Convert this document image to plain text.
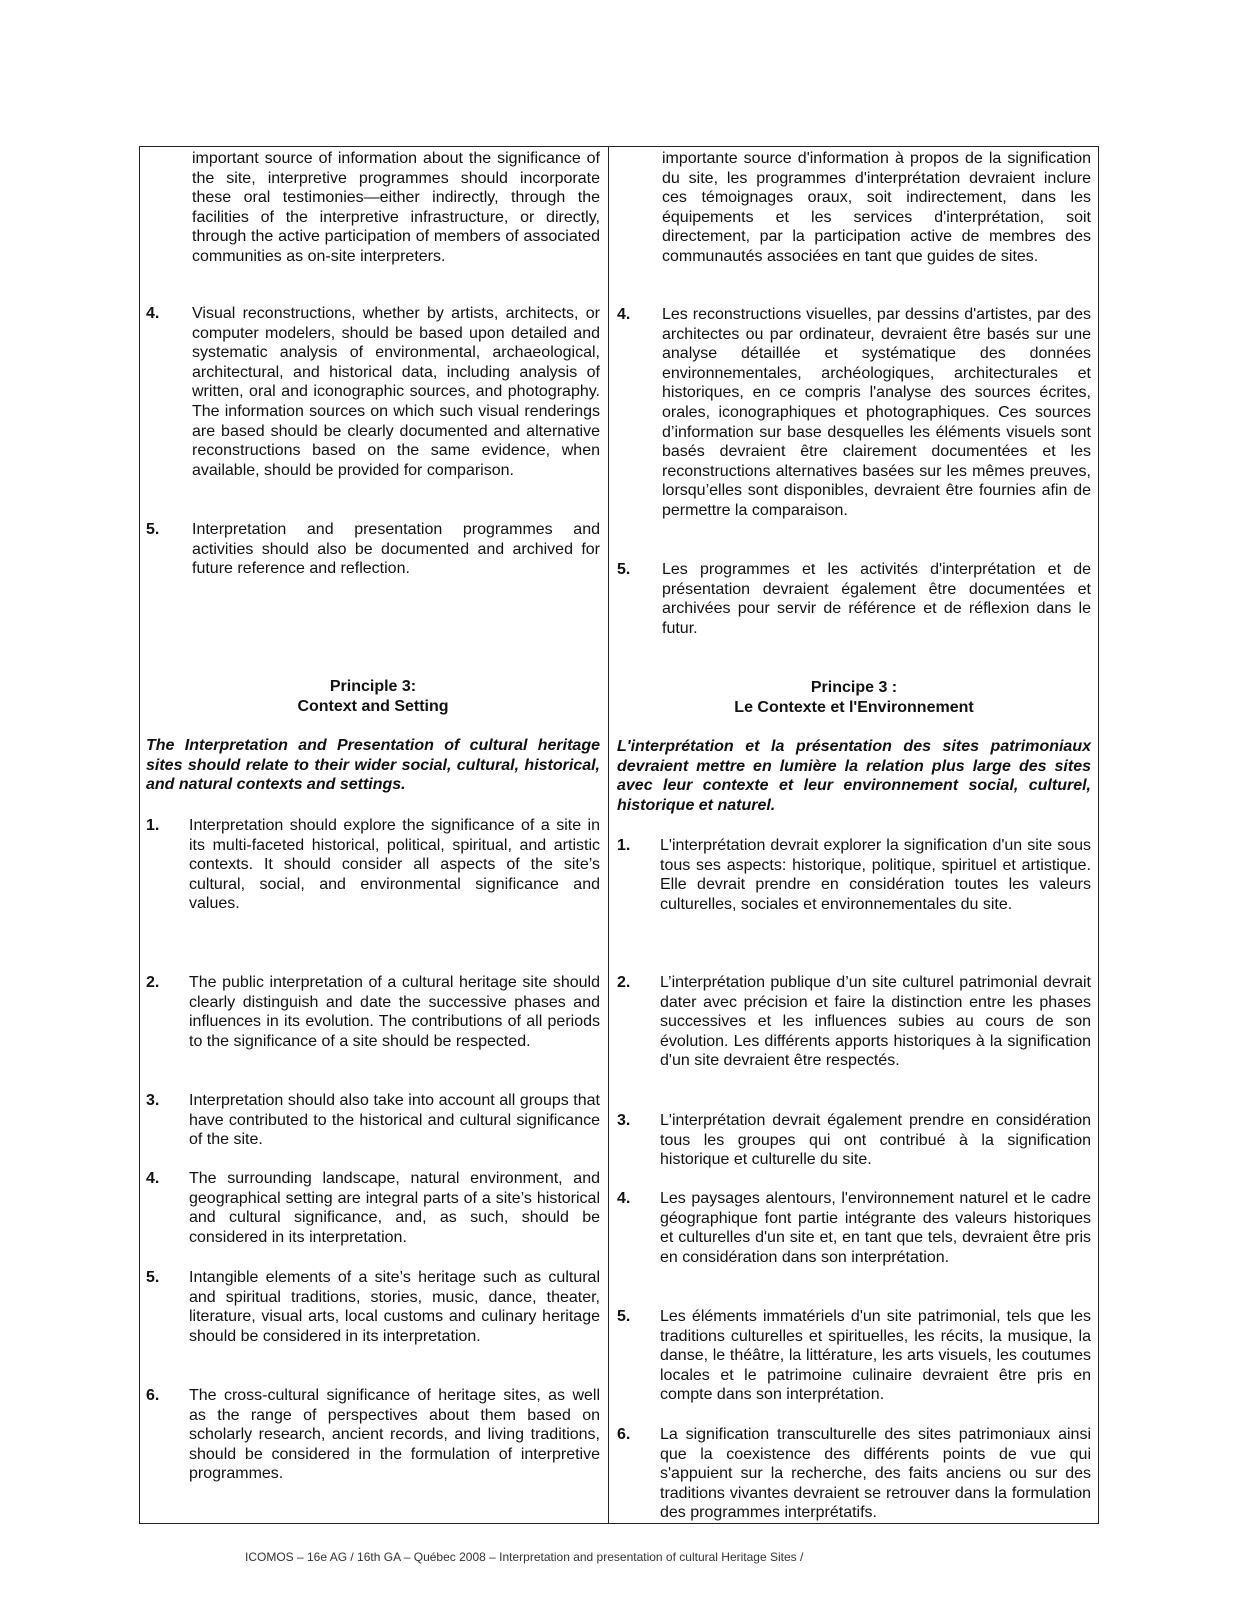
important source of information about the significance of the site, interpretive programmes should incorporate these oral testimonies—either indirectly, through the facilities of the interpretive infrastructure, or directly, through the active participation of members of associated communities as on-site interpreters.
4.	Visual reconstructions, whether by artists, architects, or computer modelers, should be based upon detailed and systematic analysis of environmental, archaeological, architectural, and historical data, including analysis of written, oral and iconographic sources, and photography. The information sources on which such visual renderings are based should be clearly documented and alternative reconstructions based on the same evidence, when available, should be provided for comparison.
5.	Interpretation and presentation programmes and activities should also be documented and archived for future reference and reflection.
Principle 3:
Context and Setting
The Interpretation and Presentation of cultural heritage sites should relate to their wider social, cultural, historical, and natural contexts and settings.
1.	Interpretation should explore the significance of a site in its multi-faceted historical, political, spiritual, and artistic contexts. It should consider all aspects of the site’s cultural, social, and environmental significance and values.
2.	The public interpretation of a cultural heritage site should clearly distinguish and date the successive phases and influences in its evolution. The contributions of all periods to the significance of a site should be respected.
3.	Interpretation should also take into account all groups that have contributed to the historical and cultural significance of the site.
4.	The surrounding landscape, natural environment, and geographical setting are integral parts of a site’s historical and cultural significance, and, as such, should be considered in its interpretation.
5.	Intangible elements of a site’s heritage such as cultural and spiritual traditions, stories, music, dance, theater, literature, visual arts, local customs and culinary heritage should be considered in its interpretation.
6.	The cross-cultural significance of heritage sites, as well as the range of perspectives about them based on scholarly research, ancient records, and living traditions, should be considered in the formulation of interpretive programmes.
importante source d'information à propos de la signification du site, les programmes d'interprétation devraient inclure ces témoignages oraux, soit indirectement, dans les équipements et les services d'interprétation, soit directement, par la participation active de membres des communautés associées en tant que guides de sites.
4.	Les reconstructions visuelles, par dessins d'artistes, par des architectes ou par ordinateur, devraient être basés sur une analyse détaillée et systématique des données environnementales, archéologiques, architecturales et historiques, en ce compris l'analyse des sources écrites, orales, iconographiques et photographiques. Ces sources d’information sur base desquelles les éléments visuels sont basés devraient être clairement documentées et les reconstructions alternatives basées sur les mêmes preuves, lorsqu’elles sont disponibles, devraient être fournies afin de permettre la comparaison.
5.	Les programmes et les activités d'interprétation et de présentation devraient également être documentées et archivées pour servir de référence et de réflexion dans le futur.
Principe 3 :
Le Contexte et l'Environnement
L'interprétation et la présentation des sites patrimoniaux devraient mettre en lumière la relation plus large des sites avec leur contexte et leur environnement social, culturel, historique et naturel.
1.	L'interprétation devrait explorer la signification d'un site sous tous ses aspects: historique, politique, spirituel et artistique. Elle devrait prendre en considération toutes les valeurs culturelles, sociales et environnementales du site.
2.	L’interprétation publique d’un site culturel patrimonial devrait dater avec précision et faire la distinction entre les phases successives et les influences subies au cours de son évolution. Les différents apports historiques à la signification d'un site devraient être respectés.
3.	L'interprétation devrait également prendre en considération tous les groupes qui ont contribué à la signification historique et culturelle du site.
4.	Les paysages alentours, l'environnement naturel et le cadre géographique font partie intégrante des valeurs historiques et culturelles d'un site et, en tant que tels, devraient être pris en considération dans son interprétation.
5.	Les éléments immatériels d'un site patrimonial, tels que les traditions culturelles et spirituelles, les récits, la musique, la danse, le théâtre, la littérature, les arts visuels, les coutumes locales et le patrimoine culinaire devraient être pris en compte dans son interprétation.
6.	La signification transculturelle des sites patrimoniaux ainsi que la coexistence des différents points de vue qui s'appuient sur la recherche, des faits anciens ou sur des traditions vivantes devraient se retrouver dans la formulation des programmes interprétatifs.
ICOMOS – 16e AG / 16th GA – Québec 2008 – Interpretation and presentation of cultural Heritage Sites /
